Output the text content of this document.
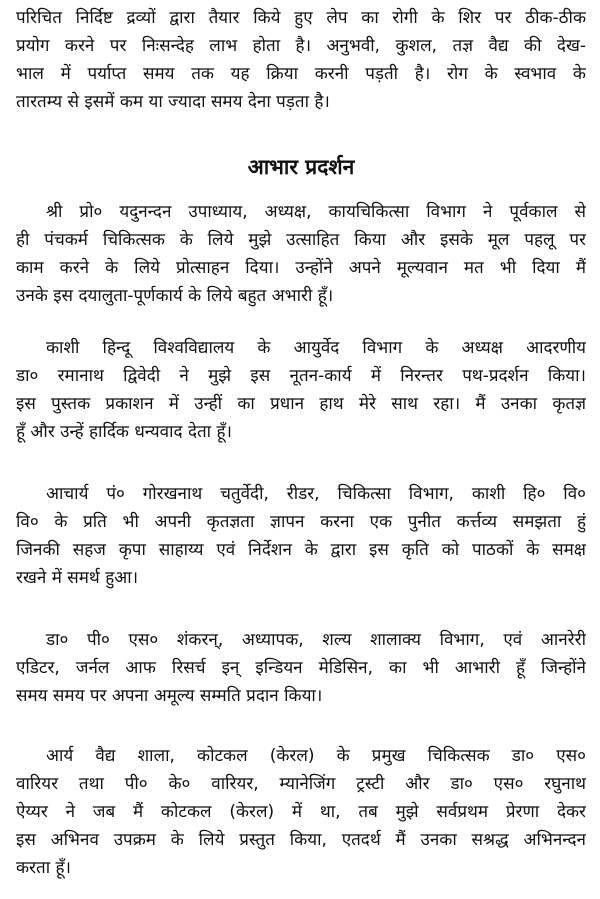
परिचित निर्दिष्ट द्रव्यों द्वारा तैयार किये हुए लेप का रोगी के शिर पर ठीक-ठीक
प्रयोग करने पर निःसन्देह लाभ होता है। अनुभवी, कुशल, तज्ञ वैद्य की देख-
भाल में पर्याप्त समय तक यह क्रिया करनी पड़ती है। रोग के स्वभाव के
तारतम्य से इसमें कम या ज्यादा समय देना पड़ता है।
आभार प्रदर्शन
श्री प्रो० यदुनन्दन उपाध्याय, अध्यक्ष, कायचिकित्सा विभाग ने पूर्वकाल से
ही पंचकर्म चिकित्सक के लिये मुझे उत्साहित किया और इसके मूल पहलू पर
काम करने के लिये प्रोत्साहन दिया। उन्होंने अपने मूल्यवान मत भी दिया मैं
उनके इस दयालुता-पूर्णकार्य के लिये बहुत अभारी हूँ।
काशी हिन्दू विश्वविद्यालय के आयुर्वेद विभाग के अध्यक्ष आदरणीय
डा० रमानाथ द्विवेदी ने मुझे इस नूतन-कार्य में निरन्तर पथ-प्रदर्शन किया।
इस पुस्तक प्रकाशन में उन्हीं का प्रधान हाथ मेरे साथ रहा। मैं उनका कृतज्ञ
हूँ और उन्हें हार्दिक धन्यवाद देता हूँ।
आचार्य पं० गोरखनाथ चतुर्वेदी, रीडर, चिकित्सा विभाग, काशी हि० वि०
वि० के प्रति भी अपनी कृतज्ञता ज्ञापन करना एक पुनीत कर्त्तव्य समझता हुं
जिनकी सहज कृपा साहाय्य एवं निर्देशन के द्वारा इस कृति को पाठकों के समक्ष
रखने में समर्थ हुआ।
डा० पी० एस० शंकरन्, अध्यापक, शल्य शालाक्य विभाग, एवं आनरेरी
एडिटर, जर्नल आफ रिसर्च इन् इन्डियन मेडिसिन, का भी आभारी हूँ जिन्होंने
समय समय पर अपना अमूल्य सम्मति प्रदान किया।
आर्य वैद्य शाला, कोटकल (केरल) के प्रमुख चिकित्सक डा० एस०
वारियर तथा पी० के० वारियर, म्यानेजिंग ट्रस्टी और डा० एस० रघुनाथ
ऐय्यर ने जब मैं कोटकल (केरल) में था, तब मुझे सर्वप्रथम प्रेरणा देकर
इस अभिनव उपक्रम के लिये प्रस्तुत किया, एतदर्थ मैं उनका सश्रद्ध अभिनन्दन
करता हूँ।
